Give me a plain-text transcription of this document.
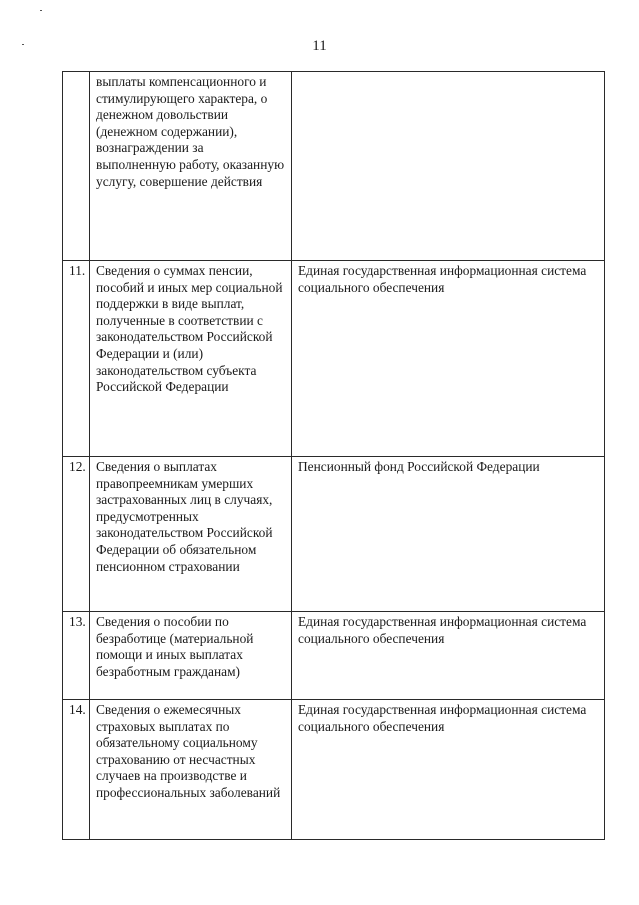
11
	выплаты компенсационного и стимулирующего характера, о денежном довольствии (денежном содержании), вознаграждении за выполненную работу, оказанную услугу, совершение действия	
11.	Сведения о суммах пенсии, пособий и иных мер социальной поддержки в виде выплат, полученные в соответствии с законодательством Российской Федерации и (или) законодательством субъекта Российской Федерации	Единая государственная информационная система социального обеспечения
12.	Сведения о выплатах правопреемникам умерших застрахованных лиц в случаях, предусмотренных законодательством Российской Федерации об обязательном пенсионном страховании	Пенсионный фонд Российской Федерации
13.	Сведения о пособии по безработице (материальной помощи и иных выплатах безработным гражданам)	Единая государственная информационная система социального обеспечения
14.	Сведения о ежемесячных страховых выплатах по обязательному социальному страхованию от несчастных случаев на производстве и профессиональных заболеваний	Единая государственная информационная система социального обеспечения
